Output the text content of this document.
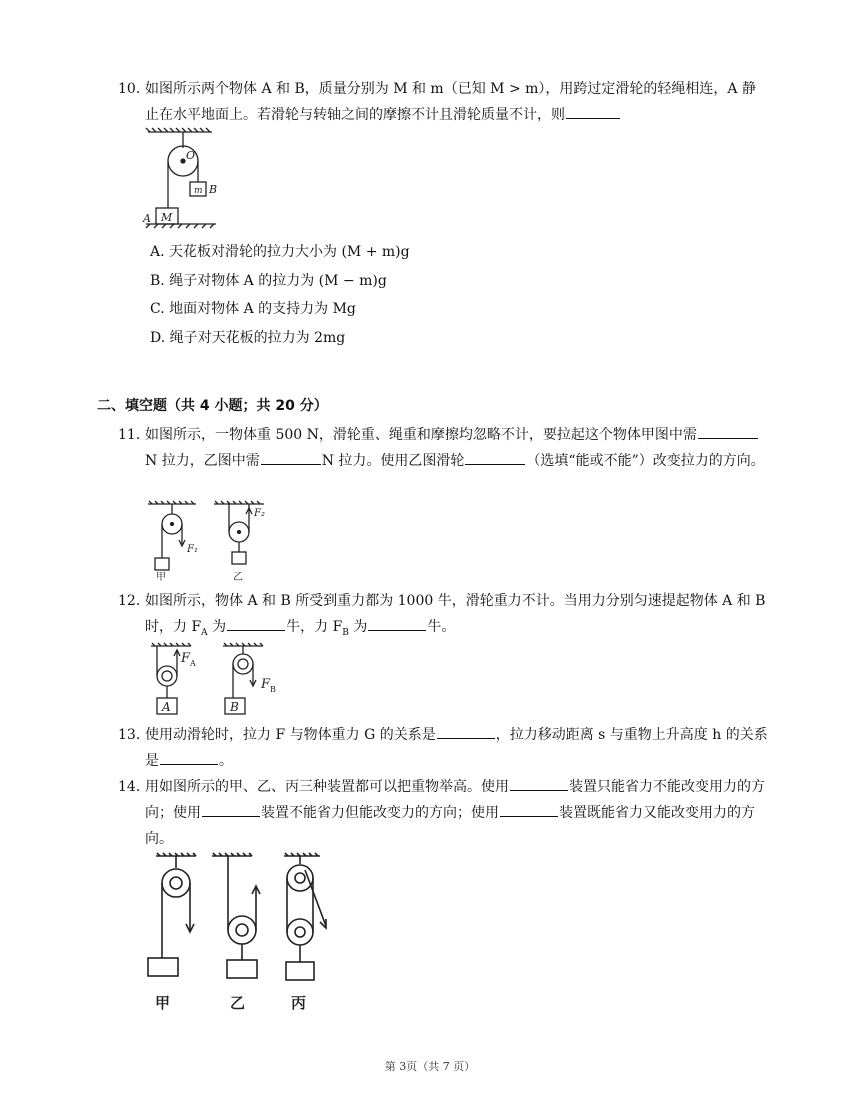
10. 如图所示两个物体 A 和 B，质量分别为 M 和 m（已知 M > m），用跨过定滑轮的轻绳相连，A 静止在水平地面上。若滑轮与转轴之间的摩擦不计且滑轮质量不计，则
O
m B
A M
A. 天花板对滑轮的拉力大小为 (M + m)g
B. 绳子对物体 A 的拉力为 (M − m)g
C. 地面对物体 A 的支持力为 Mg
D. 绳子对天花板的拉力为 2mg
二、填空题（共 4 小题；共 20 分）
11. 如图所示，一物体重 500 N，滑轮重、绳重和摩擦均忽略不计，要拉起这个物体甲图中需N 拉力，乙图中需	N 拉力。使用乙图滑轮	（选填“能或不能”）改变拉力的方向。
F₁
F₂
甲	乙
12. 如图所示，物体 A 和 B 所受到重力都为 1000 牛，滑轮重力不计。当用力分别匀速提起物体 A 和 B 时，力 $F_A$ 为	牛，力 $F_B$ 为	牛。
F A
F B
A	B
13. 使用动滑轮时，拉力 F 与物体重力 G 的关系是	，拉力移动距离 s 与重物上升高度 h 的关系是	。
14. 用如图所示的甲、乙、丙三种装置都可以把重物举高。使用	装置只能省力不能改变用力的方向；使用	装置不能省力但能改变力的方向；使用	装置既能省力又能改变用力的方向。
甲	乙	丙
第 3页（共 7 页）
